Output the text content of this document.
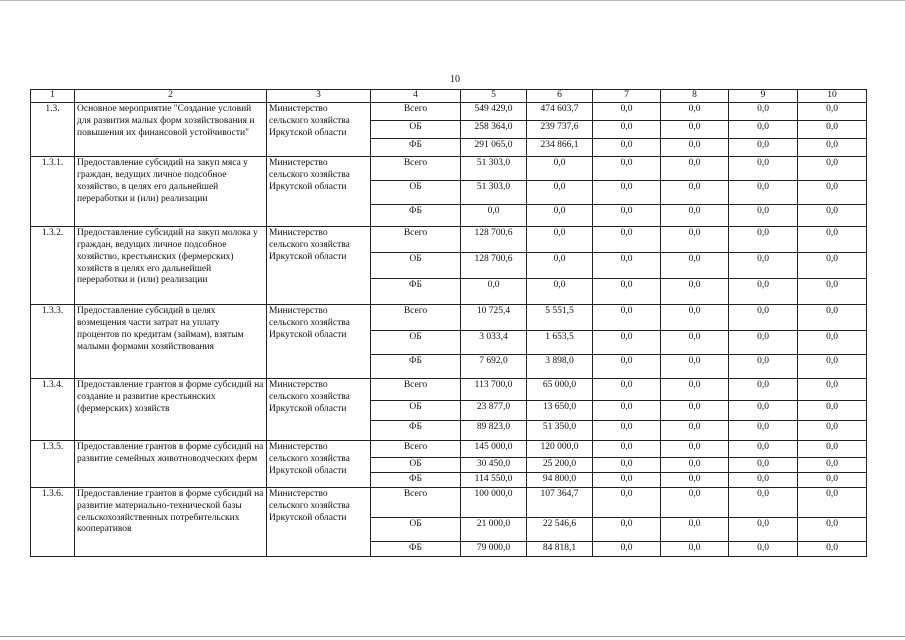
10
1	2	3	4	5	6	7	8	9	10
1.3.	Основное мероприятие "Создание условий для развития малых форм хозяйствования и повышения их финансовой устойчивости"	Министерство сельского хозяйства Иркутской области	Всего	549 429,0	474 603,7	0,0	0,0	0,0	0,0
			ОБ	258 364,0	239 737,6	0,0	0,0	0,0	0,0
			ФБ	291 065,0	234 866,1	0,0	0,0	0,0	0,0
1.3.1.	Предоставление субсидий на закуп мяса у граждан, ведущих личное подсобное хозяйство, в целях его дальнейшей переработки и (или) реализации	Министерство сельского хозяйства Иркутской области	Всего	51 303,0	0,0	0,0	0,0	0,0	0,0
			ОБ	51 303,0	0,0	0,0	0,0	0,0	0,0
			ФБ	0,0	0,0	0,0	0,0	0,0	0,0
1.3.2.	Предоставление субсидий на закуп молока у граждан, ведущих личное подсобное хозяйство, крестьянских (фермерских) хозяйств в целях его дальнейшей переработки и (или) реализации	Министерство сельского хозяйства Иркутской области	Всего	128 700,6	0,0	0,0	0,0	0,0	0,0
			ОБ	128 700,6	0,0	0,0	0,0	0,0	0,0
			ФБ	0,0	0,0	0,0	0,0	0,0	0,0
1.3.3.	Предоставление субсидий в целях возмещения части затрат на уплату процентов по кредитам (займам), взятым малыми формами хозяйствования	Министерство сельского хозяйства Иркутской области	Всего	10 725,4	5 551,5	0,0	0,0	0,0	0,0
			ОБ	3 033,4	1 653,5	0,0	0,0	0,0	0,0
			ФБ	7 692,0	3 898,0	0,0	0,0	0,0	0,0
1.3.4.	Предоставление грантов в форме субсидий на создание и развитие крестьянских (фермерских) хозяйств	Министерство сельского хозяйства Иркутской области	Всего	113 700,0	65 000,0	0,0	0,0	0,0	0,0
			ОБ	23 877,0	13 650,0	0,0	0,0	0,0	0,0
			ФБ	89 823,0	51 350,0	0,0	0,0	0,0	0,0
1.3.5.	Предоставление грантов в форме субсидий на развитие семейных животноводческих ферм	Министерство сельского хозяйства Иркутской области	Всего	145 000,0	120 000,0	0,0	0,0	0,0	0,0
			ОБ	30 450,0	25 200,0	0,0	0,0	0,0	0,0
			ФБ	114 550,0	94 800,0	0,0	0,0	0,0	0,0
1.3.6.	Предоставление грантов в форме субсидий на развитие материально-технической базы сельскохозяйственных потребительских кооперативов	Министерство сельского хозяйства Иркутской области	Всего	100 000,0	107 364,7	0,0	0,0	0,0	0,0
			ОБ	21 000,0	22 546,6	0,0	0,0	0,0	0,0
			ФБ	79 000,0	84 818,1	0,0	0,0	0,0	0,0
